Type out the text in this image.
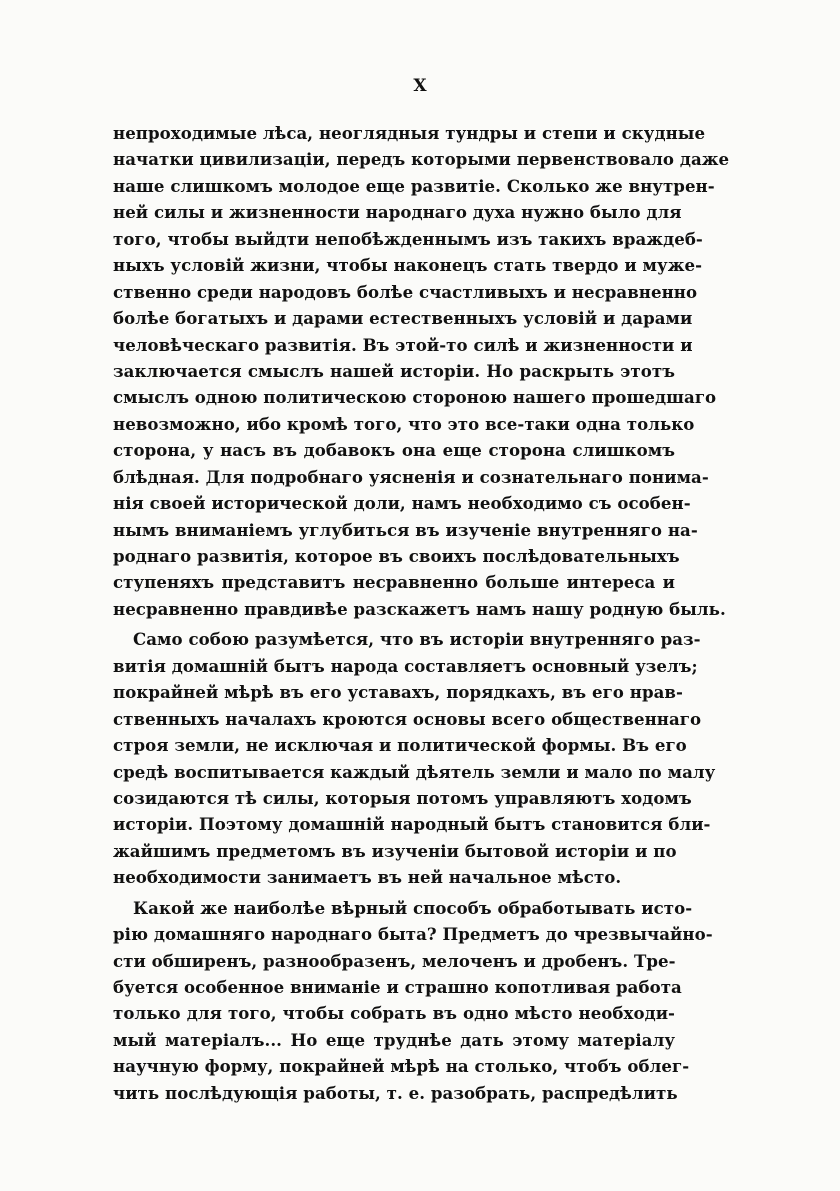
X
непроходимые лѣса, неоглядныя тундры и степи и скудные
начатки цивилизаціи, передъ которыми первенствовало даже
наше слишкомъ молодое еще развитіе. Сколько же внутрен-
ней силы и жизненности народнаго духа нужно было для
того, чтобы выйдти непобѣжденнымъ изъ такихъ враждеб-
ныхъ условій жизни, чтобы наконецъ стать твердо и муже-
ственно среди народовъ болѣе счастливыхъ и несравненно
болѣе богатыхъ и дарами естественныхъ условій и дарами
человѣческаго развитія. Въ этой-то силѣ и жизненности и
заключается смыслъ нашей исторіи. Но раскрыть этотъ
смыслъ одною политическою стороною нашего прошедшаго
невозможно, ибо кромѣ того, что это все-таки одна только
сторона, у насъ въ добавокъ она еще сторона слишкомъ
блѣдная. Для подробнаго уясненія и сознательнаго понима-
нія своей исторической доли, намъ необходимо съ особен-
нымъ вниманіемъ углубиться въ изученіе внутренняго на-
роднаго развитія, которое въ своихъ послѣдовательныхъ
ступеняхъ представитъ несравненно больше интереса и
несравненно правдивѣе разскажетъ намъ нашу родную быль.
Само собою разумѣется, что въ исторіи внутренняго раз-
витія домашній бытъ народа составляетъ основный узелъ;
покрайней мѣрѣ въ его уставахъ, порядкахъ, въ его нрав-
ственныхъ началахъ кроются основы всего общественнаго
строя земли, не исключая и политической формы. Въ его
средѣ воспитывается каждый дѣятель земли и мало по малу
созидаются тѣ силы, которыя потомъ управляютъ ходомъ
исторіи. Поэтому домашній народный бытъ становится бли-
жайшимъ предметомъ въ изученіи бытовой исторіи и по
необходимости занимаетъ въ ней начальное мѣсто.
Какой же наиболѣе вѣрный способъ обработывать исто-
рію домашняго народнаго быта? Предметъ до чрезвычайно-
сти обширенъ, разнообразенъ, мелоченъ и дробенъ. Тре-
буется особенное вниманіе и страшно копотливая работа
только для того, чтобы собрать въ одно мѣсто необходи-
мый матеріалъ... Но еще труднѣе дать этому матеріалу
научную форму, покрайней мѣрѣ на столько, чтобъ облег-
чить послѣдующія работы, т. е. разобрать, распредѣлить
